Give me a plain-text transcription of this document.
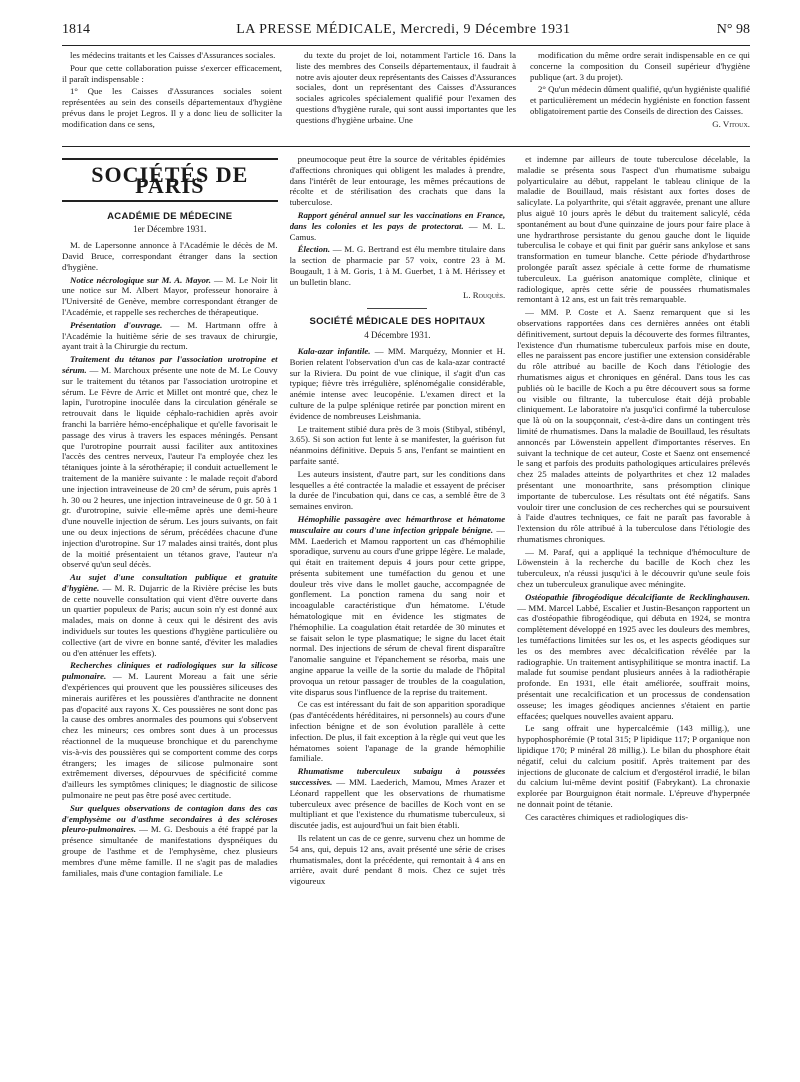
1814	LA PRESSE MÉDICALE, Mercredi, 9 Décembre 1931	N° 98

les médecins traitants et les Caisses d'Assurances sociales.

Pour que cette collaboration puisse s'exercer efficacement, il paraît indispensable :

1° Que les Caisses d'Assurances sociales soient représentées au sein des conseils départementaux d'hygiène prévus dans le projet Legros. Il y a donc lieu de solliciter la modification dans ce sens,

du texte du projet de loi, notamment l'article 16. Dans la liste des membres des Conseils départementaux, il faudrait à notre avis ajouter deux représentants des Caisses d'Assurances sociales, dont un représentant des Caisses d'Assurances sociales agricoles spécialement qualifié pour l'examen des questions d'hygiène rurale, qui sont aussi importantes que les questions d'hygiène urbaine. Une

modification du même ordre serait indispensable en ce qui concerne la composition du Conseil supérieur d'hygiène publique (art. 3 du projet).

2° Qu'un médecin dûment qualifié, qu'un hygiéniste qualifié et particulièrement un médecin hygiéniste en fonction fassent obligatoirement partie des Conseils de direction des Caisses.

G. Vitoux.
SOCIÉTÉS DE PARIS
ACADÉMIE DE MÉDECINE
1er Décembre 1931.

M. de Lapersonne annonce à l'Académie le décès de M. David Bruce, correspondant étranger dans la section d'hygiène.

Notice nécrologique sur M. A. Mayor. — M. Le Noir lit une notice sur M. Albert Mayor, professeur honoraire à l'Université de Genève, membre correspondant étranger de l'Académie, et rappelle ses recherches de thérapeutique.

Présentation d'ouvrage. — M. Hartmann offre à l'Académie la huitième série de ses travaux de chirurgie, ayant trait à la Chirurgie du rectum.

Traitement du tétanos par l'association urotropine et sérum. — M. Marchoux présente une note de M. Le Couvy sur le traitement du tétanos par l'association urotropine et sérum. Le Fèvre de Arric et Millet ont montré que, chez le lapin, l'urotropine inoculée dans la circulation générale se retrouvait dans le liquide céphalo-rachidien après avoir franchi la barrière hémo-encéphalique et qu'elle favorisait le passage des virus à travers les espaces méningés. Pensant que l'urotropine pourrait aussi faciliter aux antitoxines l'accès des centres nerveux, l'auteur l'a employée chez les tétaniques jointe à la sérothérapie; il conduit actuellement le traitement de la manière suivante : le malade reçoit d'abord une injection intraveineuse de 20 cm³ de sérum, puis après 1 h. 30 ou 2 heures, une injection intraveineuse de 0 gr. 50 à 1 gr. d'urotropine, suivie elle-même après une demi-heure d'une nouvelle injection de sérum. Les jours suivants, on fait une ou deux injections de sérum, précédées chacune d'une injection d'urotropine. Sur 17 malades ainsi traités, dont plus de la moitié présentaient un tétanos grave, l'auteur n'a observé qu'un seul décès.

Au sujet d'une consultation publique et gratuite d'hygiène. — M. R. Dujarric de la Rivière précise les buts de cette nouvelle consultation qui vient d'être ouverte dans un quartier populeux de Paris; aucun soin n'y est donné aux malades, mais on donne à ceux qui le désirent des avis individuels sur toutes les questions d'hygiène particulière ou collective (art de vivre en bonne santé, d'éviter les maladies ou d'en atténuer les effets).

Recherches cliniques et radiologiques sur la silicose pulmonaire. — M. Laurent Moreau a fait une série d'expériences qui prouvent que les poussières siliceuses des minerais aurifères et les poussières d'anthracite ne donnent pas d'opacité aux rayons X. Ces poussières ne sont donc pas la cause des ombres anormales des poumons qui s'observent chez les mineurs; ces ombres sont dues à un processus réactionnel de la muqueuse bronchique et du parenchyme vis-à-vis des poussières qui se comportent comme des corps étrangers; les images de silicose pulmonaire sont extrêmement diverses, dépourvues de spécificité comme d'ailleurs les symptômes cliniques; le diagnostic de silicose pulmonaire ne peut pas être posé avec certitude.

Sur quelques observations de contagion dans des cas d'emphysème ou d'asthme secondaires à des scléroses pleuro-pulmonaires. — M. G. Desbouis a été frappé par la présence simultanée de manifestations dyspnéiques du groupe de l'asthme et de l'emphysème, chez plusieurs membres d'une même famille. Il ne s'agit pas de maladies familiales, mais d'une contagion familiale. Le

pneumocoque peut être la source de véritables épidémies d'affections chroniques qui obligent les malades à prendre, dans l'intérêt de leur entourage, les mêmes précautions de récolte et de stérilisation des crachats que dans la tuberculose.

Rapport général annuel sur les vaccinations en France, dans les colonies et les pays de protectorat. — M. L. Camus.

Élection. — M. G. Bertrand est élu membre titulaire dans la section de pharmacie par 57 voix, contre 23 à M. Bougault, 1 à M. Goris, 1 à M. Guerbet, 1 à M. Hérissey et un bulletin blanc.

L. Rouquès.
SOCIÉTÉ MÉDICALE DES HOPITAUX
4 Décembre 1931.

Kala-azar infantile. — MM. Marquézy, Monnier et H. Borien relatent l'observation d'un cas de kala-azar contracté sur la Riviera. Du point de vue clinique, il s'agit d'un cas typique; fièvre très irrégulière, splénomégalie considérable, anémie intense avec leucopénie. L'examen direct et la culture de la pulpe splénique retirée par ponction mirent en évidence de nombreuses Leishmania.

Le traitement stibié dura près de 3 mois (Stibyal, stibényl, 3.65). Si son action fut lente à se manifester, la guérison fut néanmoins définitive. Depuis 5 ans, l'enfant se maintient en parfaite santé.

Les auteurs insistent, d'autre part, sur les conditions dans lesquelles a été contractée la maladie et essayent de préciser la durée de l'incubation qui, dans ce cas, a semblé être de 3 semaines environ.

Hémophilie passagère avec hémarthrose et hématome musculaire au cours d'une infection grippale bénigne. — MM. Laederich et Mamou rapportent un cas d'hémophilie sporadique, survenu au cours d'une grippe légère. Le malade, qui était en traitement depuis 4 jours pour cette grippe, présenta subitement une tuméfaction du genou et une douleur très vive dans le mollet gauche, accompagnée de gonflement. La ponction ramena du sang noir et incoagulable caractéristique d'un hématome. L'étude hématologique mit en évidence les stigmates de l'hémophilie. La coagulation était retardée de 30 minutes et se faisait selon le type plasmatique; le signe du lacet était normal. Des injections de sérum de cheval firent disparaître l'anomalie sanguine et l'épanchement se résorba, mais une angine apparue la veille de la sortie du malade de l'hôpital provoqua un retour passager de troubles de la coagulation, vite disparus sous l'influence de la reprise du traitement.

Ce cas est intéressant du fait de son apparition sporadique (pas d'antécédents héréditaires, ni personnels) au cours d'une infection bénigne et de son évolution parallèle à cette infection. De plus, il fait exception à la règle qui veut que les hématomes soient l'apanage de la grande hémophilie familiale.

Rhumatisme tuberculeux subaigu à poussées successives. — MM. Laederich, Mamou, Mmes Arazer et Léonard rappellent que les observations de rhumatisme tuberculeux avec présence de bacilles de Koch vont en se multipliant et que l'existence du rhumatisme tuberculeux, si discutée jadis, est aujourd'hui un fait bien établi.

Ils relatent un cas de ce genre, survenu chez un homme de 54 ans, qui, depuis 12 ans, avait présenté une série de crises rhumatismales, dont la précédente, qui remontait à 4 ans en arrière, avait duré pendant 8 mois. Chez ce sujet très vigoureux

et indemne par ailleurs de toute tuberculose décelable, la maladie se présenta sous l'aspect d'un rhumatisme subaigu polyarticulaire au début, rappelant le tableau clinique de la maladie de Bouillaud, mais résistant aux fortes doses de salicylate. La polyarthrite, qui s'était aggravée, prenant une allure plus aiguë 10 jours après le début du traitement salicylé, céda spontanément au bout d'une quinzaine de jours pour faire place à une hydrarthrose persistante du genou gauche dont le liquide tuberculisa le cobaye et qui finit par guérir sans ankylose et sans transformation en tumeur blanche. Cette période d'hydarthrose prolongée paraît assez spéciale à cette forme de rhumatisme tuberculeux. La guérison anatomique complète, clinique et radiologique, après cette série de poussées rhumatismales remontant à 12 ans, est un fait très remarquable.

— MM. P. Coste et A. Saenz remarquent que si les observations rapportées dans ces dernières années ont établi définitivement, surtout depuis la découverte des formes filtrantes, l'existence d'un rhumatisme tuberculeux parfois mise en doute, elles ne paraissent pas encore justifier une extension considérable du rôle attribué au bacille de Koch dans l'étiologie des rhumatismes aigus et chroniques en général. Dans tous les cas publiés où le bacille de Koch a pu être découvert sous sa forme ou visible ou filtrante, la tuberculose était déjà probable cliniquement. Le laboratoire n'a jusqu'ici confirmé la tuberculose que là où on la soupçonnait, c'est-à-dire dans un contingent très limité de rhumatismes. Dans la maladie de Bouillaud, les résultats annoncés par Löwenstein appellent d'importantes réserves. En suivant la technique de cet auteur, Coste et Saenz ont ensemencé le sang et parfois des produits pathologiques articulaires prélevés chez 25 malades atteints de polyarthrites et chez 12 malades présentant une monoarthrite, sans présomption clinique importante de tuberculose. Les résultats ont été négatifs. Sans vouloir tirer une conclusion de ces recherches qui se poursuivent à l'aide d'autres techniques, ce fait ne paraît pas favorable à l'extension du rôle attribué à la tuberculose dans l'étiologie des rhumatismes chroniques.

— M. Paraf, qui a appliqué la technique d'hémoculture de Löwenstein à la recherche du bacille de Koch chez les tuberculeux, n'a réussi jusqu'ici à le découvrir qu'une seule fois chez un tuberculeux granulique avec méningite.

Ostéopathie fibrogéodique décalcifiante de Recklinghausen. — MM. Marcel Labbé, Escalier et Justin-Besançon rapportent un cas d'ostéopathie fibrogéodique, qui débuta en 1924, se montra complètement développé en 1925 avec les douleurs des membres, les tuméfactions limitées sur les os, et les aspects géodiques sur les os des membres avec décalcification révélée par la radiographie. Un traitement antisyphilitique se montra inactif. La malade fut soumise pendant plusieurs années à la radiothérapie profonde. En 1931, elle était améliorée, souffrait moins, présentait une recalcification et un processus de condensation osseuse; les images géodiques anciennes s'étaient en partie effacées; quelques nouvelles avaient apparu.

Le sang offrait une hypercalcémie (143 millig.), une hypophosphorémie (P total 315; P lipidique 117; P organique non lipidique 170; P minéral 28 millig.). Le bilan du phosphore était négatif, celui du calcium positif. Après traitement par des injections de gluconate de calcium et d'ergostérol irradié, le bilan du calcium lui-même devint positif (Fabrykant). La chronaxie explorée par Bourguignon était normale. L'épreuve d'hyperpnée ne donnait point de tétanie.

Ces caractères chimiques et radiologiques dis-
